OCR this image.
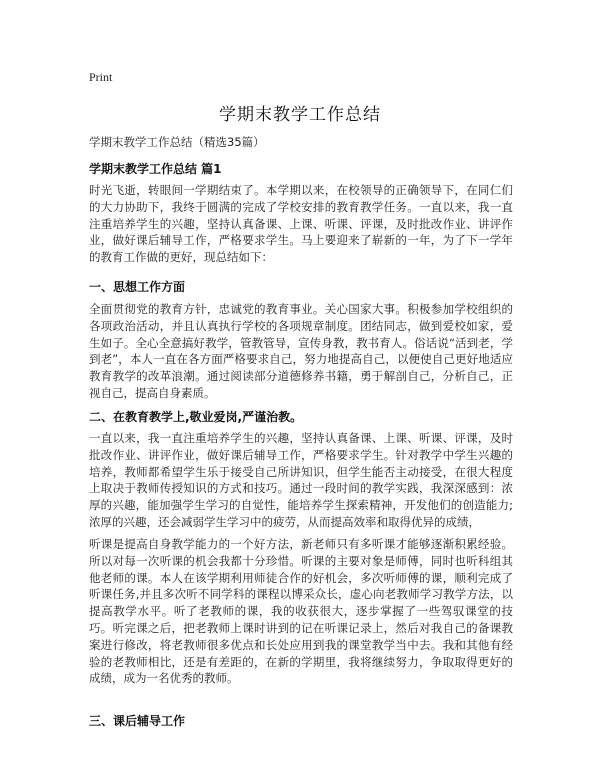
Print
学期末教学工作总结
学期末教学工作总结（精选35篇）
学期末教学工作总结 篇1

时光飞逝，转眼间一学期结束了。本学期以来，在校领导的正确领导下，在同仁们的大力协助下，我终于圆满的完成了学校安排的教育教学任务。一直以来，我一直注重培养学生的兴趣，坚持认真备课、上课、听课、评课，及时批改作业、讲评作业，做好课后辅导工作，严格要求学生。马上要迎来了崭新的一年，为了下一学年的教育工作做的更好，现总结如下：

一、思想工作方面

全面贯彻党的教育方针，忠诚党的教育事业。关心国家大事。积极参加学校组织的各项政治活动，并且认真执行学校的各项规章制度。团结同志，做到爱校如家，爱生如子。全心全意搞好教学，管教管导，宣传身教，教书育人。俗话说“活到老，学到老”，本人一直在各方面严格要求自己，努力地提高自己，以便使自己更好地适应教育教学的改革浪潮。通过阅读部分道德修养书籍，勇于解剖自己，分析自己，正视自己，提高自身素质。

二、在教育教学上,敬业爱岗,严谨治教。

一直以来，我一直注重培养学生的兴趣，坚持认真备课、上课、听课、评课，及时批改作业、讲评作业，做好课后辅导工作，严格要求学生。针对教学中学生兴趣的培养，教师都希望学生乐于接受自己所讲知识，但学生能否主动接受，在很大程度上取决于教师传授知识的方式和技巧。通过一段时间的教学实践，我深深感到：浓厚的兴趣，能加强学生学习的自觉性，能培养学生探索精神，开发他们的创造能力;浓厚的兴趣，还会减弱学生学习中的疲劳，从而提高效率和取得优异的成绩，

听课是提高自身教学能力的一个好方法，新老师只有多听课才能够逐渐积累经验。所以对每一次听课的机会我都十分珍惜。听课的主要对象是师傅，同时也听科组其他老师的课。本人在该学期利用师徒合作的好机会，多次听师傅的课，顺利完成了听课任务,并且多次听不同学科的课程以博采众长，虚心向老教师学习教学方法，以提高教学水平。听了老教师的课，我的收获很大，逐步掌握了一些驾驭课堂的技巧。听完课之后，把老教师上课时讲到的记在听课记录上，然后对我自己的备课教案进行修改，将老教师很多优点和长处应用到我的课堂教学当中去。我和其他有经验的老教师相比，还是有差距的，在新的学期里，我将继续努力，争取取得更好的成绩，成为一名优秀的教师。

三、课后辅导工作
